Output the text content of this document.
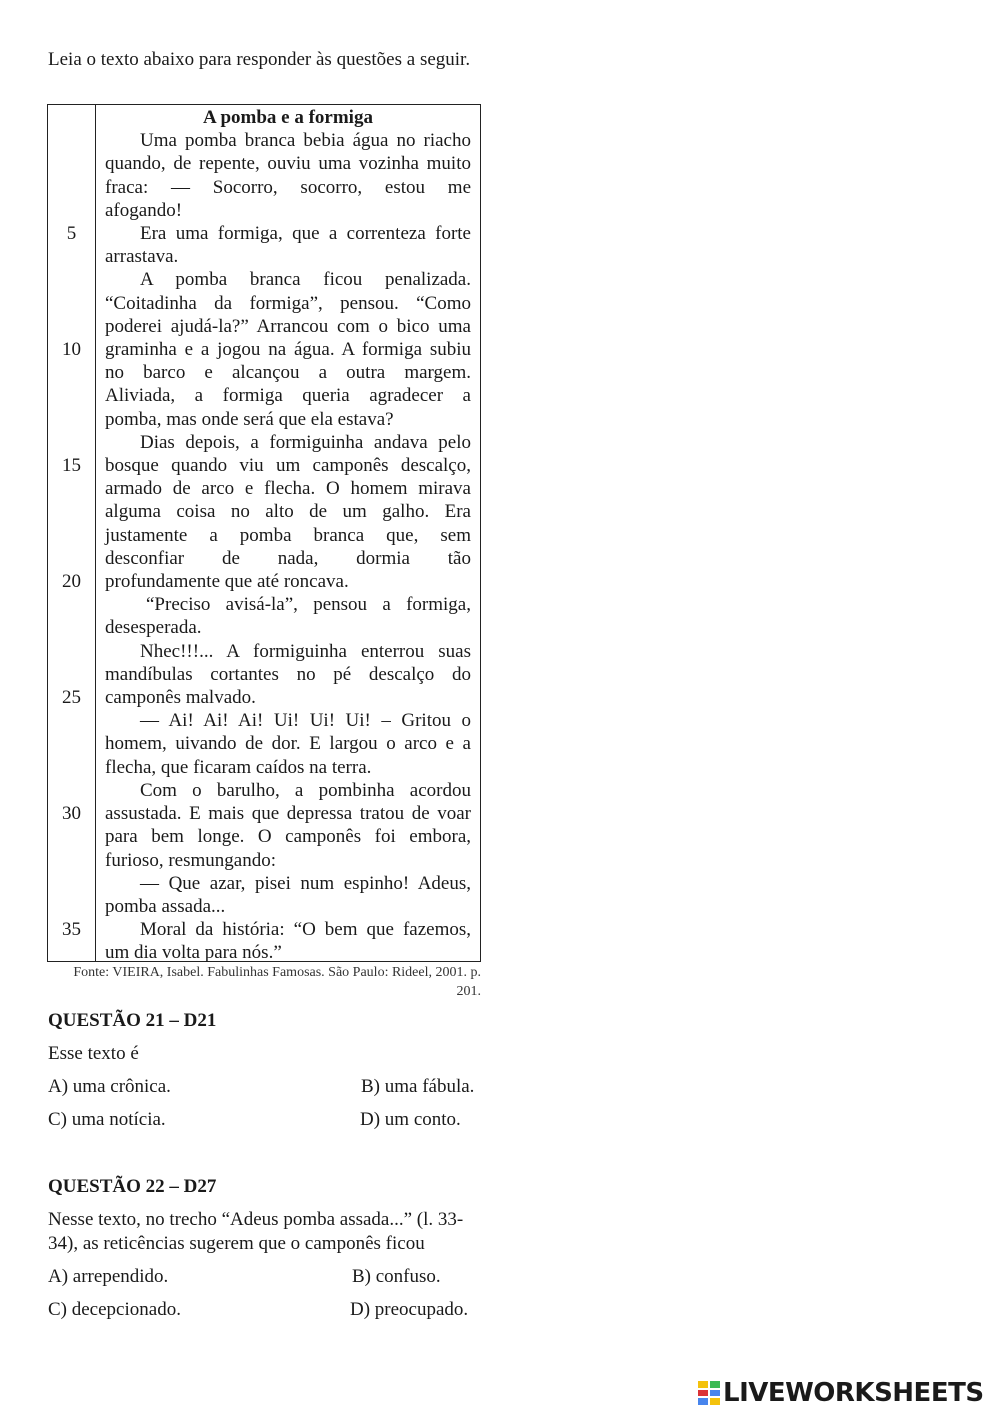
Leia o texto abaixo para responder às questões a seguir.
5
10
15
20
25
30
35
A pomba e a formiga
Uma pomba branca bebia água no riacho
quando, de repente, ouviu uma vozinha muito
fraca: — Socorro, socorro, estou me
afogando!
Era uma formiga, que a correnteza forte
arrastava.
A pomba branca ficou penalizada.
“Coitadinha da formiga”, pensou. “Como
poderei ajudá-la?” Arrancou com o bico uma
graminha e a jogou na água. A formiga subiu
no barco e alcançou a outra margem.
Aliviada, a formiga queria agradecer a
pomba, mas onde será que ela estava?
Dias depois, a formiguinha andava pelo
bosque quando viu um camponês descalço,
armado de arco e flecha. O homem mirava
alguma coisa no alto de um galho. Era
justamente a pomba branca que, sem
desconfiar de nada, dormia tão
profundamente que até roncava.
“Preciso avisá-la”, pensou a formiga,
desesperada.
Nhec!!!... A formiguinha enterrou suas
mandíbulas cortantes no pé descalço do
camponês malvado.
— Ai! Ai! Ai! Ui! Ui! Ui! – Gritou o
homem, uivando de dor. E largou o arco e a
flecha, que ficaram caídos na terra.
Com o barulho, a pombinha acordou
assustada. E mais que depressa tratou de voar
para bem longe. O camponês foi embora,
furioso, resmungando:
— Que azar, pisei num espinho! Adeus,
pomba assada...
Moral da história: “O bem que fazemos,
um dia volta para nós.”
Fonte: VIEIRA, Isabel. Fabulinhas Famosas. São Paulo: Rideel, 2001. p. 201.
QUESTÃO 21 – D21
Esse texto é
A) uma crônica.	B) uma fábula.
C) uma notícia.	D) um conto.
QUESTÃO 22 – D27
Nesse texto, no trecho “Adeus pomba assada...” (l. 33-34), as reticências sugerem que o camponês ficou
A) arrependido.	B) confuso.
C) decepcionado.	D) preocupado.
LIVEWORKSHEETS
